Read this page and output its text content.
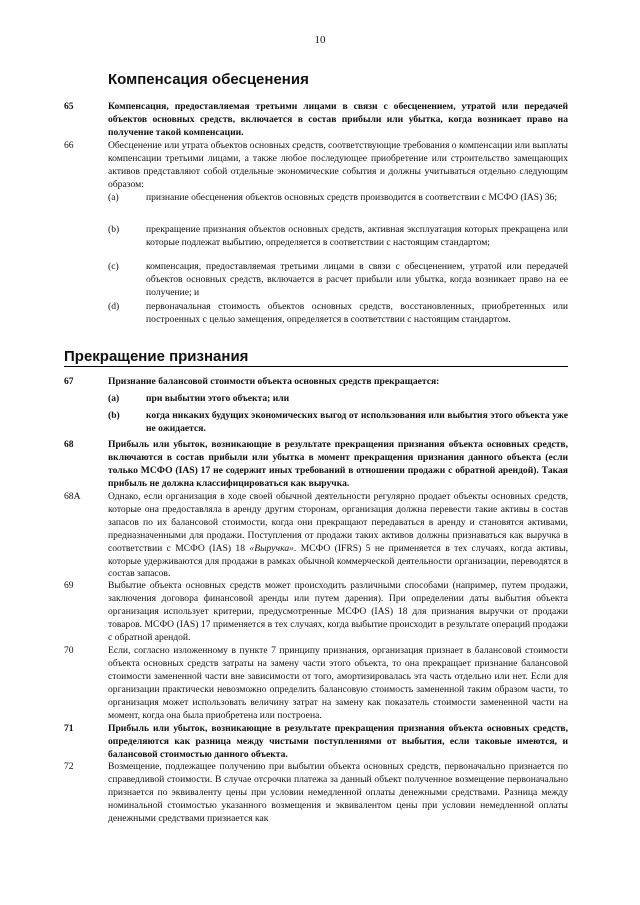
10
Компенсация обесценения
65	Компенсация, предоставляемая третьими лицами в связи с обесценением, утратой или передачей объектов основных средств, включается в состав прибыли или убытка, когда возникает право на получение такой компенсации.
66	Обесценение или утрата объектов основных средств, соответствующие требования о компенсации или выплаты компенсации третьими лицами, а также любое последующее приобретение или строительство замещающих активов представляют собой отдельные экономические события и должны учитываться отдельно следующим образом:
(a)	признание обесценения объектов основных средств производится в соответствии с МСФО (IAS) 36;
(b)	прекращение признания объектов основных средств, активная эксплуатация которых прекращена или которые подлежат выбытию, определяется в соответствии с настоящим стандартом;
(c)	компенсация, предоставляемая третьими лицами в связи с обесценением, утратой или передачей объектов основных средств, включается в расчет прибыли или убытка, когда возникает право на ее получение; и
(d)	первоначальная стоимость объектов основных средств, восстановленных, приобретенных или построенных с целью замещения, определяется в соответствии с настоящим стандартом.
Прекращение признания
67	Признание балансовой стоимости объекта основных средств прекращается:
(a)	при выбытии этого объекта; или
(b)	когда никаких будущих экономических выгод от использования или выбытия этого объекта уже не ожидается.
68	Прибыль или убыток, возникающие в результате прекращения признания объекта основных средств, включаются в состав прибыли или убытка в момент прекращения признания данного объекта (если только МСФО (IAS) 17 не содержит иных требований в отношении продажи с обратной арендой). Такая прибыль не должна классифицироваться как выручка.
68A	Однако, если организация в ходе своей обычной деятельности регулярно продает объекты основных средств, которые она предоставляла в аренду другим сторонам, организация должна перевести такие активы в состав запасов по их балансовой стоимости, когда они прекращают передаваться в аренду и становятся активами, предназначенными для продажи. Поступления от продажи таких активов должны признаваться как выручка в соответствии с МСФО (IAS) 18 «Выручка». МСФО (IFRS) 5 не применяется в тех случаях, когда активы, которые удерживаются для продажи в рамках обычной коммерческой деятельности организации, переводятся в состав запасов.
69	Выбытие объекта основных средств может происходить различными способами (например, путем продажи, заключения договора финансовой аренды или путем дарения). При определении даты выбытия объекта организация использует критерии, предусмотренные МСФО (IAS) 18 для признания выручки от продажи товаров. МСФО (IAS) 17 применяется в тех случаях, когда выбытие происходит в результате операций продажи с обратной арендой.
70	Если, согласно изложенному в пункте 7 принципу признания, организация признает в балансовой стоимости объекта основных средств затраты на замену части этого объекта, то она прекращает признание балансовой стоимости замененной части вне зависимости от того, амортизировалась эта часть отдельно или нет. Если для организации практически невозможно определить балансовую стоимость замененной таким образом части, то организация может использовать величину затрат на замену как показатель стоимости замененной части на момент, когда она была приобретена или построена.
71	Прибыль или убыток, возникающие в результате прекращения признания объекта основных средств, определяются как разница между чистыми поступлениями от выбытия, если таковые имеются, и балансовой стоимостью данного объекта.
72	Возмещение, подлежащее получению при выбытии объекта основных средств, первоначально признается по справедливой стоимости. В случае отсрочки платежа за данный объект полученное возмещение первоначально признается по эквиваленту цены при условии немедленной оплаты денежными средствами. Разница между номинальной стоимостью указанного возмещения и эквивалентом цены при условии немедленной оплаты денежными средствами признается как
